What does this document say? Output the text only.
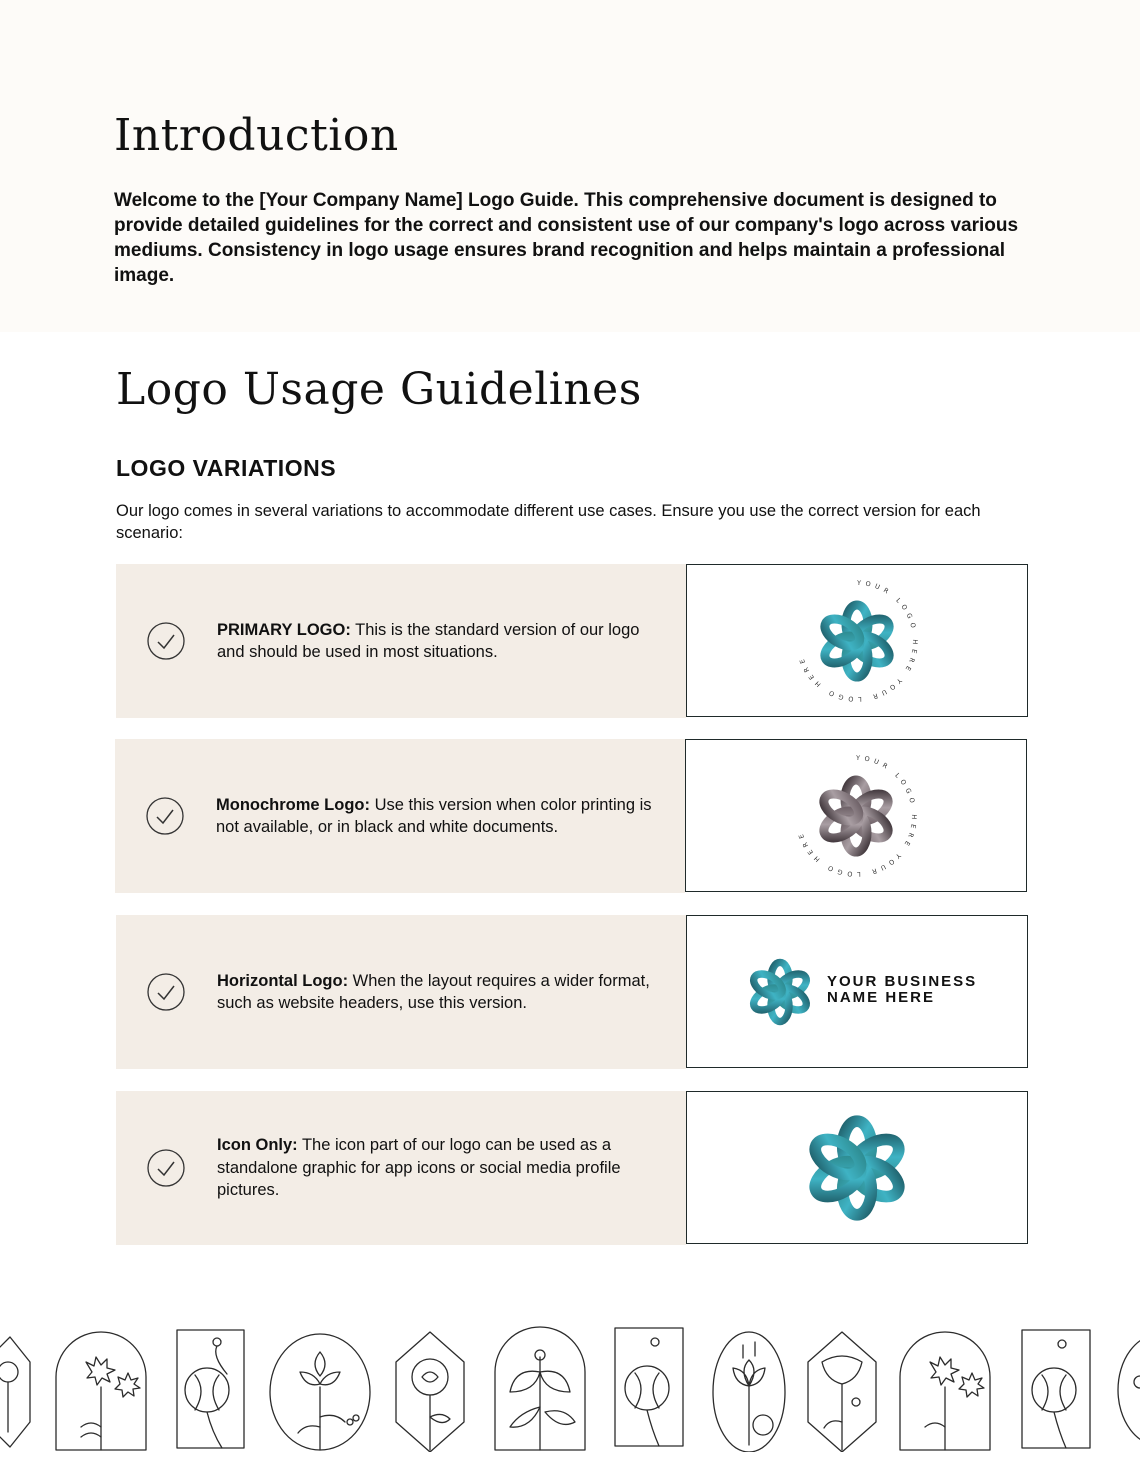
Introduction

Welcome to the [Your Company Name] Logo Guide. This comprehensive document is designed to provide detailed guidelines for the correct and consistent use of our company's logo across various mediums. Consistency in logo usage ensures brand recognition and helps maintain a professional image.

Logo Usage Guidelines
LOGO VARIATIONS

Our logo comes in several variations to accommodate different use cases. Ensure you use the correct version for each scenario:

PRIMARY LOGO: This is the standard version of our logo and should be used in most situations.

YOUR LOGO HERE YOUR LOGO HERE

Monochrome Logo: Use this version when color printing is not available, or in black and white documents.

YOUR LOGO HERE YOUR LOGO HERE

Horizontal Logo: When the layout requires a wider format, such as website headers, use this version.

YOUR BUSINESS
NAME HERE

Icon Only: The icon part of our logo can be used as a standalone graphic for app icons or social media profile pictures.
